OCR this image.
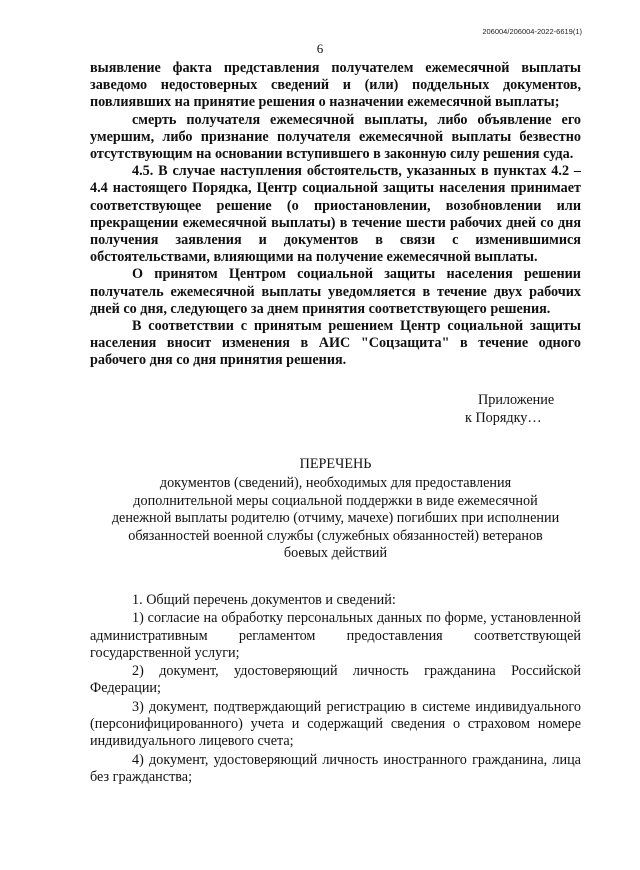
206004/206004-2022-6619(1)
6

выявление факта представления получателем ежемесячной выплаты заведомо недостоверных сведений и (или) поддельных документов, повлиявших на принятие решения о назначении ежемесячной выплаты;

смерть получателя ежемесячной выплаты, либо объявление его умершим, либо признание получателя ежемесячной выплаты безвестно отсутствующим на основании вступившего в законную силу решения суда.

4.5. В случае наступления обстоятельств, указанных в пунктах 4.2 – 4.4 настоящего Порядка, Центр социальной защиты населения принимает соответствующее решение (о приостановлении, возобновлении или прекращении ежемесячной выплаты) в течение шести рабочих дней со дня получения заявления и документов в связи с изменившимися обстоятельствами, влияющими на получение ежемесячной выплаты.

О принятом Центром социальной защиты населения решении получатель ежемесячной выплаты уведомляется в течение двух рабочих дней со дня, следующего за днем принятия соответствующего решения.

В соответствии с принятым решением Центр социальной защиты населения вносит изменения в АИС "Соцзащита" в течение одного рабочего дня со дня принятия решения.

Приложение
к Порядку…
ПЕРЕЧЕНЬ
документов (сведений), необходимых для предоставления
дополнительной меры социальной поддержки в виде ежемесячной
денежной выплаты родителю (отчиму, мачехе) погибших при исполнении
обязанностей военной службы (служебных обязанностей) ветеранов
боевых действий

1. Общий перечень документов и сведений:

1) согласие на обработку персональных данных по форме, установленной административным регламентом предоставления соответствующей государственной услуги;

2) документ, удостоверяющий личность гражданина Российской Федерации;

3) документ, подтверждающий регистрацию в системе индивидуального (персонифицированного) учета и содержащий сведения о страховом номере индивидуального лицевого счета;

4) документ, удостоверяющий личность иностранного гражданина, лица без гражданства;
